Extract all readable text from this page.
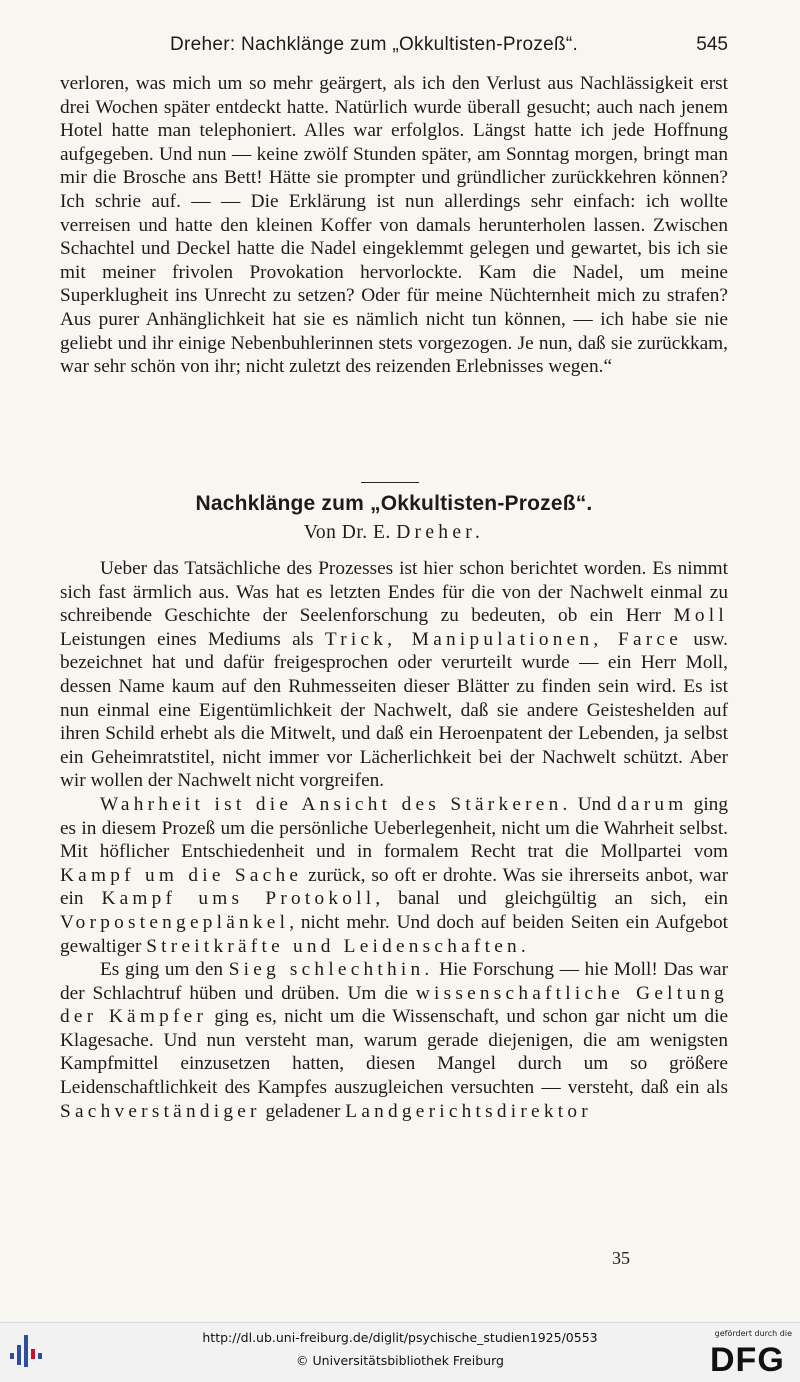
Dreher: Nachklänge zum „Okkultisten-Prozeß“.	545

verloren, was mich um so mehr geärgert, als ich den Verlust aus Nachlässigkeit erst drei Wochen später entdeckt hatte. Natürlich wurde überall gesucht; auch nach jenem Hotel hatte man telephoniert. Alles war erfolglos. Längst hatte ich jede Hoffnung aufgegeben. Und nun — keine zwölf Stunden später, am Sonntag morgen, bringt man mir die Brosche ans Bett! Hätte sie prompter und gründlicher zurückkehren können? Ich schrie auf. — — Die Erklärung ist nun allerdings sehr einfach: ich wollte verreisen und hatte den kleinen Koffer von damals herunterholen lassen. Zwischen Schachtel und Deckel hatte die Nadel eingeklemmt gelegen und gewartet, bis ich sie mit meiner frivolen Provokation hervorlockte. Kam die Nadel, um meine Superklugheit ins Unrecht zu setzen? Oder für meine Nüchternheit mich zu strafen? Aus purer Anhänglichkeit hat sie es nämlich nicht tun können, — ich habe sie nie geliebt und ihr einige Nebenbuhlerinnen stets vorgezogen. Je nun, daß sie zurückkam, war sehr schön von ihr; nicht zuletzt des reizenden Erlebnisses wegen.“

Nachklänge zum „Okkultisten-Prozeß“.
Von Dr. E. Dreher.

Ueber das Tatsächliche des Prozesses ist hier schon berichtet worden. Es nimmt sich fast ärmlich aus. Was hat es letzten Endes für die von der Nachwelt einmal zu schreibende Geschichte der Seelenforschung zu bedeuten, ob ein Herr Moll Leistungen eines Mediums als Trick, Manipulationen, Farce usw. bezeichnet hat und dafür freigesprochen oder verurteilt wurde — ein Herr Moll, dessen Name kaum auf den Ruhmesseiten dieser Blätter zu finden sein wird. Es ist nun einmal eine Eigentümlichkeit der Nachwelt, daß sie andere Geisteshelden auf ihren Schild erhebt als die Mitwelt, und daß ein Heroenpatent der Lebenden, ja selbst ein Geheimratstitel, nicht immer vor Lächerlichkeit bei der Nachwelt schützt. Aber wir wollen der Nachwelt nicht vorgreifen.

Wahrheit ist die Ansicht des Stärkeren. Und darum ging es in diesem Prozeß um die persönliche Ueberlegenheit, nicht um die Wahrheit selbst. Mit höflicher Entschiedenheit und in formalem Recht trat die Mollpartei vom Kampf um die Sache zurück, so oft er drohte. Was sie ihrerseits anbot, war ein Kampf ums Protokoll, banal und gleichgültig an sich, ein Vorpostengeplänkel, nicht mehr. Und doch auf beiden Seiten ein Aufgebot gewaltiger Streitkräfte und Leidenschaften.

Es ging um den Sieg schlechthin. Hie Forschung — hie Moll! Das war der Schlachtruf hüben und drüben. Um die wissenschaftliche Geltung der Kämpfer ging es, nicht um die Wissenschaft, und schon gar nicht um die Klagesache. Und nun versteht man, warum gerade diejenigen, die am wenigsten Kampfmittel einzusetzen hatten, diesen Mangel durch um so größere Leidenschaftlichkeit des Kampfes auszugleichen versuchten — versteht, daß ein als Sachverständiger geladener Landgerichtsdirektor

35
http://dl.ub.uni-freiburg.de/diglit/psychische_studien1925/0553
© Universitätsbibliothek Freiburg
gefördert durch die
DFG
